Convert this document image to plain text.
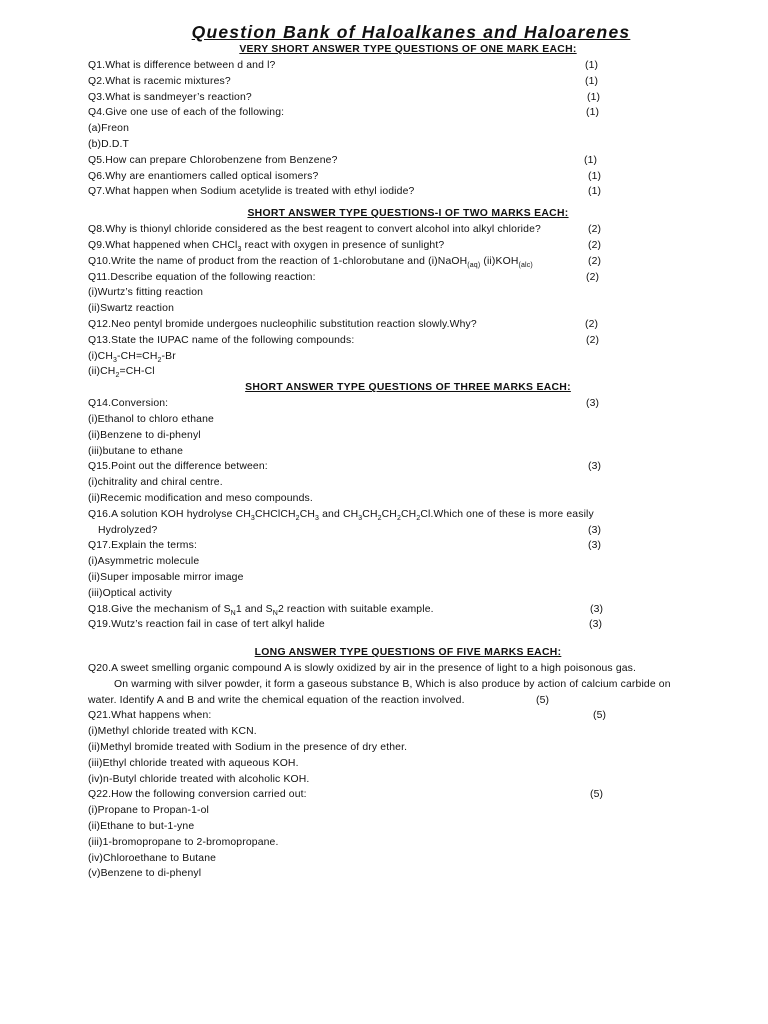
Question Bank of Haloalkanes and Haloarenes
VERY SHORT ANSWER TYPE QUESTIONS OF ONE MARK EACH:
Q1.What is difference between d and l?	(1)
Q2.What is racemic mixtures?	(1)
Q3.What is sandmeyer’s reaction?	(1)
Q4.Give one use of each of the following:	(1)
(a)Freon
(b)D.D.T
Q5.How can prepare Chlorobenzene from Benzene?	(1)
Q6.Why are enantiomers called optical isomers?	(1)
Q7.What happen when Sodium acetylide is treated with ethyl iodide?	(1)
SHORT ANSWER TYPE QUESTIONS-I OF TWO MARKS EACH:
Q8.Why is thionyl chloride considered as the best reagent to convert alcohol into alkyl chloride?	(2)
Q9.What happened when CHCl$_3$ react with oxygen in presence of sunlight?	(2)
Q10.Write the name of product from the reaction of 1-chlorobutane and (i)NaOH$_{(aq)}$ $(ii)KOH_{(alc)}$	(2)
Q11.Describe equation of the following reaction:	(2)
(i)Wurtz’s fitting reaction
(ii)Swartz reaction
Q12.Neo pentyl bromide undergoes nucleophilic substitution reaction slowly.Why?	(2)
Q13.State the IUPAC name of the following compounds:	(2)
$(i)CH_3-CH=CH_2-Br$
$(ii)CH_2=CH-Cl$
SHORT ANSWER TYPE QUESTIONS OF THREE MARKS EACH:
Q14.Conversion:	(3)
(i)Ethanol to chloro ethane
(ii)Benzene to di-phenyl
(iii)butane to ethane
Q15.Point out the difference between:	(3)
(i)chitrality and chiral centre.
(ii)Recemic modification and meso compounds.
Q16.A solution KOH hydrolyse $CH_3CHClCH_2CH_3$ and $CH_3CH_2CH_2CH_2Cl.Which$ one of these is more easily
Hydrolyzed?	(3)
Q17.Explain the terms:	(3)
(i)Asymmetric molecule
(ii)Super imposable mirror image
(iii)Optical activity
Q18.Give the mechanism of $S_N1$ and $S_N2$ reaction with suitable example.	(3)
Q19.Wutz’s reaction fail in case of tert alkyl halide	(3)
LONG ANSWER TYPE QUESTIONS OF FIVE MARKS EACH:
Q20.A sweet smelling organic compound A is slowly oxidized by air in the presence of light to a high poisonous gas.
On warming with silver powder, it form a gaseous substance B, Which is also produce by action of calcium carbide on
water. Identify A and B and write the chemical equation of the reaction involved.	(5)
Q21.What happens when:	(5)
(i)Methyl chloride treated with KCN.
(ii)Methyl bromide treated with Sodium in the presence of dry ether.
(iii)Ethyl chloride treated with aqueous KOH.
(iv)n-Butyl chloride treated with alcoholic KOH.
Q22.How the following conversion carried out:	(5)
(i)Propane to Propan-1-ol
(ii)Ethane to but-1-yne
(iii)1-bromopropane to 2-bromopropane.
(iv)Chloroethane to Butane
(v)Benzene to di-phenyl
